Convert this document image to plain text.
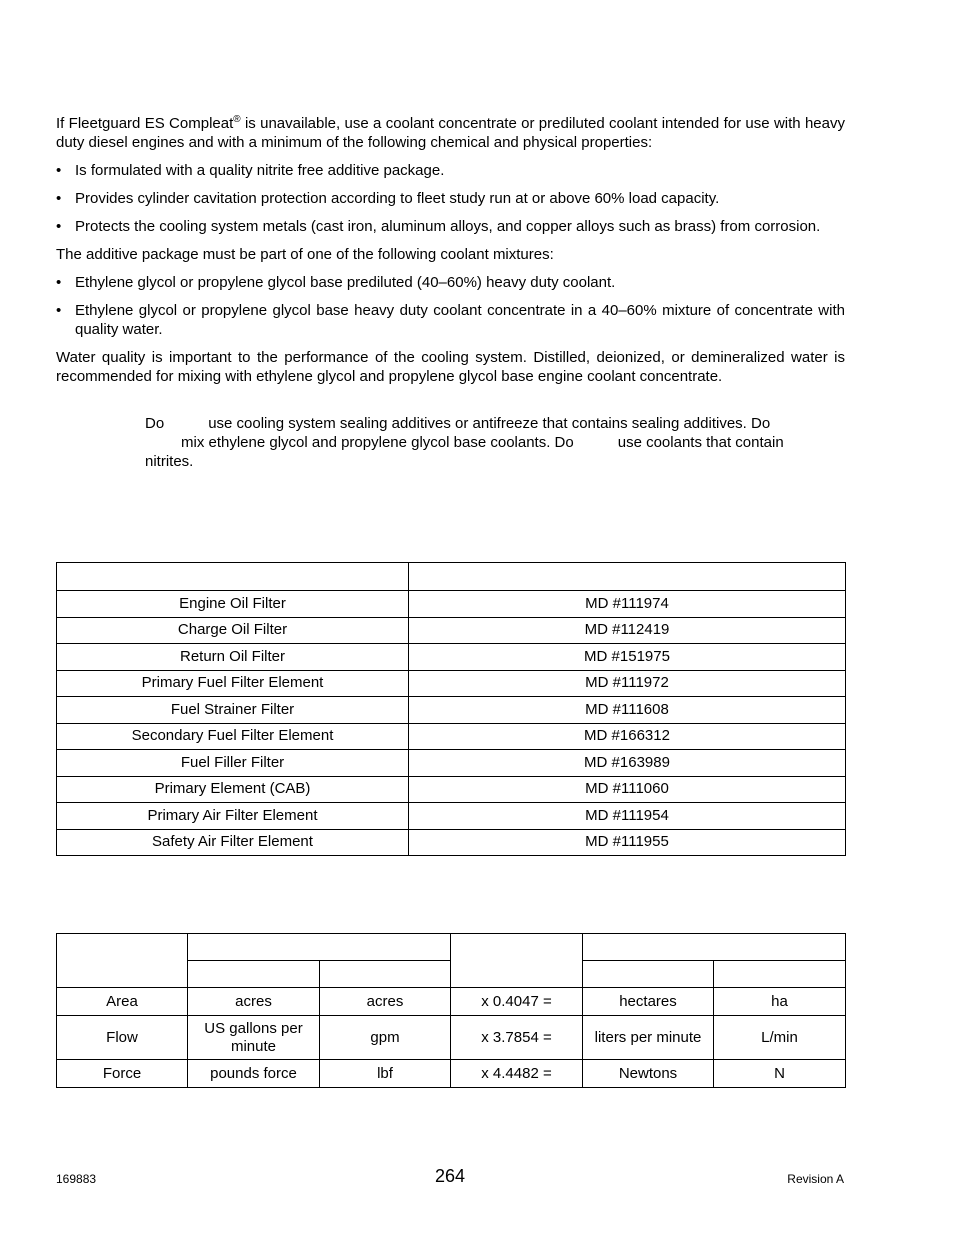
If Fleetguard ES Compleat® is unavailable, use a coolant concentrate or prediluted coolant intended for use with heavy duty diesel engines and with a minimum of the following chemical and physical properties:

• Is formulated with a quality nitrite free additive package.
• Provides cylinder cavitation protection according to fleet study run at or above 60% load capacity.
• Protects the cooling system metals (cast iron, aluminum alloys, and copper alloys such as brass) from corrosion.

The additive package must be part of one of the following coolant mixtures:

• Ethylene glycol or propylene glycol base prediluted (40–60%) heavy duty coolant.
• Ethylene glycol or propylene glycol base heavy duty coolant concentrate in a 40–60% mixture of concentrate with quality water.

Water quality is important to the performance of the cooling system. Distilled, deionized, or demineralized water is recommended for mixing with ethylene glycol and propylene glycol base engine coolant concentrate.

Do	use cooling system sealing additives or antifreeze that contains sealing additives. Do
mix ethylene glycol and propylene glycol base coolants. Do	use coolants that contain
nitrites.

Engine Oil Filter	MD #111974
Charge Oil Filter	MD #112419
Return Oil Filter	MD #151975
Primary Fuel Filter Element	MD #111972
Fuel Strainer Filter	MD #111608
Secondary Fuel Filter Element	MD #166312
Fuel Filler Filter	MD #163989
Primary Element (CAB)	MD #111060
Primary Air Filter Element	MD #111954
Safety Air Filter Element	MD #111955

Area	acres	acres	x 0.4047 =	hectares	ha
Flow	US gallons per minute	gpm	x 3.7854 =	liters per minute	L/min
Force	pounds force	lbf	x 4.4482 =	Newtons	N
169883	264	Revision A
